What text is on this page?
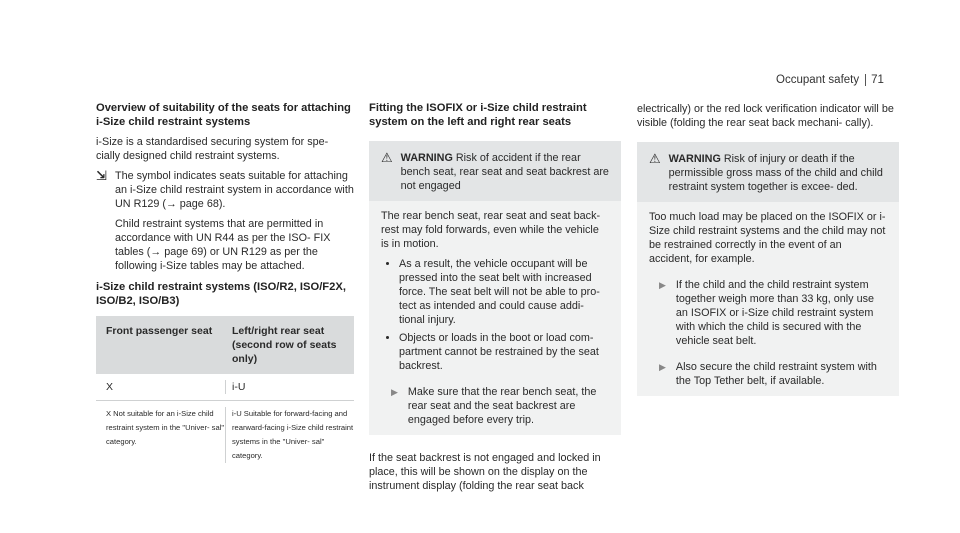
Occupant safety 71
Overview of suitability of the seats for attaching i-Size child restraint systems

i-Size is a standardised securing system for spe- cially designed child restraint systems.

⇲ The symbol indicates seats suitable for attaching an i-Size child restraint system in accordance with UN R129 (→ page 68).

Child restraint systems that are permitted in accordance with UN R44 as per the ISO- FIX tables (→ page 69) or UN R129 as per the following i-Size tables may be attached.

i-Size child restraint systems (ISO/R2, ISO/F2X, ISO/B2, ISO/B3)
Front passenger seat	Left/right rear seat (second row of seats only)
X	i-U
X Not suitable for an i-Size child restraint system in the "Univer- sal" category.
i-U Suitable for forward-facing and rearward-facing i-Size child restraint systems in the "Univer- sal" category.
Fitting the ISOFIX or i-Size child restraint system on the left and right rear seats
⚠ WARNING Risk of accident if the rear bench seat, rear seat and seat backrest are not engaged

The rear bench seat, rear seat and seat back- rest may fold forwards, even while the vehicle is in motion.

• As a result, the vehicle occupant will be pressed into the seat belt with increased force. The seat belt will not be able to pro- tect as intended and could cause addi- tional injury.
• Objects or loads in the boot or load com- partment cannot be restrained by the seat backrest.
▶ Make sure that the rear bench seat, the rear seat and the seat backrest are engaged before every trip.

If the seat backrest is not engaged and locked in place, this will be shown on the display on the instrument display (folding the rear seat back

electrically) or the red lock verification indicator will be visible (folding the rear seat back mechani- cally).

⚠ WARNING Risk of injury or death if the permissible gross mass of the child and child restraint system together is excee- ded.

Too much load may be placed on the ISOFIX or i-Size child restraint systems and the child may not be restrained correctly in the event of an accident, for example.

▶ If the child and the child restraint system together weigh more than 33 kg, only use an ISOFIX or i-Size child restraint system with which the child is secured with the vehicle seat belt.
▶ Also secure the child restraint system with the Top Tether belt, if available.
